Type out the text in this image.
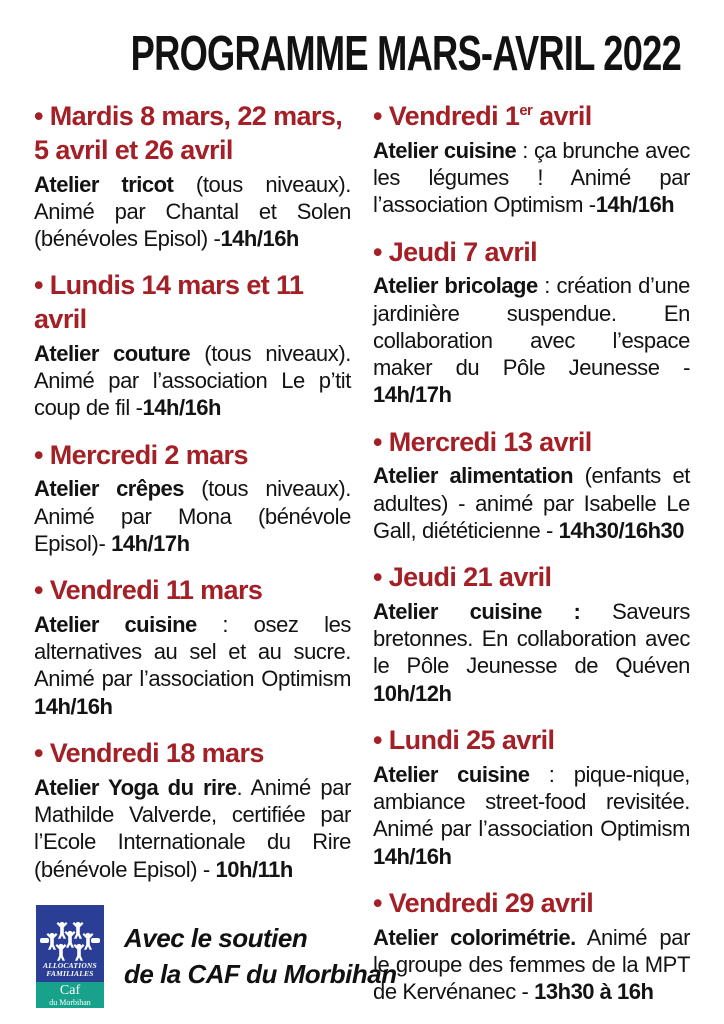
PROGRAMME MARS-AVRIL 2022
• Mardis 8 mars, 22 mars,
5 avril et 26 avril
Atelier tricot (tous niveaux). Animé par Chantal et Solen (bénévoles Episol) -14h/16h
• Lundis 14 mars et 11 avril
Atelier couture (tous niveaux). Animé par l’association Le p’tit coup de fil -14h/16h
• Mercredi 2 mars
Atelier crêpes (tous niveaux). Animé par Mona (bénévole Episol)- 14h/17h
• Vendredi 11 mars
Atelier cuisine : osez les alternatives au sel et au sucre. Animé par l’association Optimism 14h/16h
• Vendredi 18 mars
Atelier Yoga du rire. Animé par Mathilde Valverde, certifiée par l’Ecole Internationale du Rire (bénévole Episol) - 10h/11h
• Vendredi 1er avril
Atelier cuisine : ça brunche avec les légumes ! Animé par l’association Optimism -14h/16h
• Jeudi 7 avril
Atelier bricolage : création d’une jardinière suspendue. En collaboration avec l’espace maker du Pôle Jeunesse - 14h/17h
• Mercredi 13 avril
Atelier alimentation (enfants et adultes) - animé par Isabelle Le Gall, diététicienne - 14h30/16h30
• Jeudi 21 avril
Atelier cuisine : Saveurs bretonnes. En collaboration avec le Pôle Jeunesse de Quéven 10h/12h
• Lundi 25 avril
Atelier cuisine : pique-nique, ambiance street-food revisitée. Animé par l’association Optimism 14h/16h
• Vendredi 29 avril
Atelier colorimétrie. Animé par le groupe des femmes de la MPT de Kervénanec - 13h30 à 16h
ALLOCATIONS
FAMILIALES
Caf
du Morbihan
Avec le soutien
de la CAF du Morbihan
